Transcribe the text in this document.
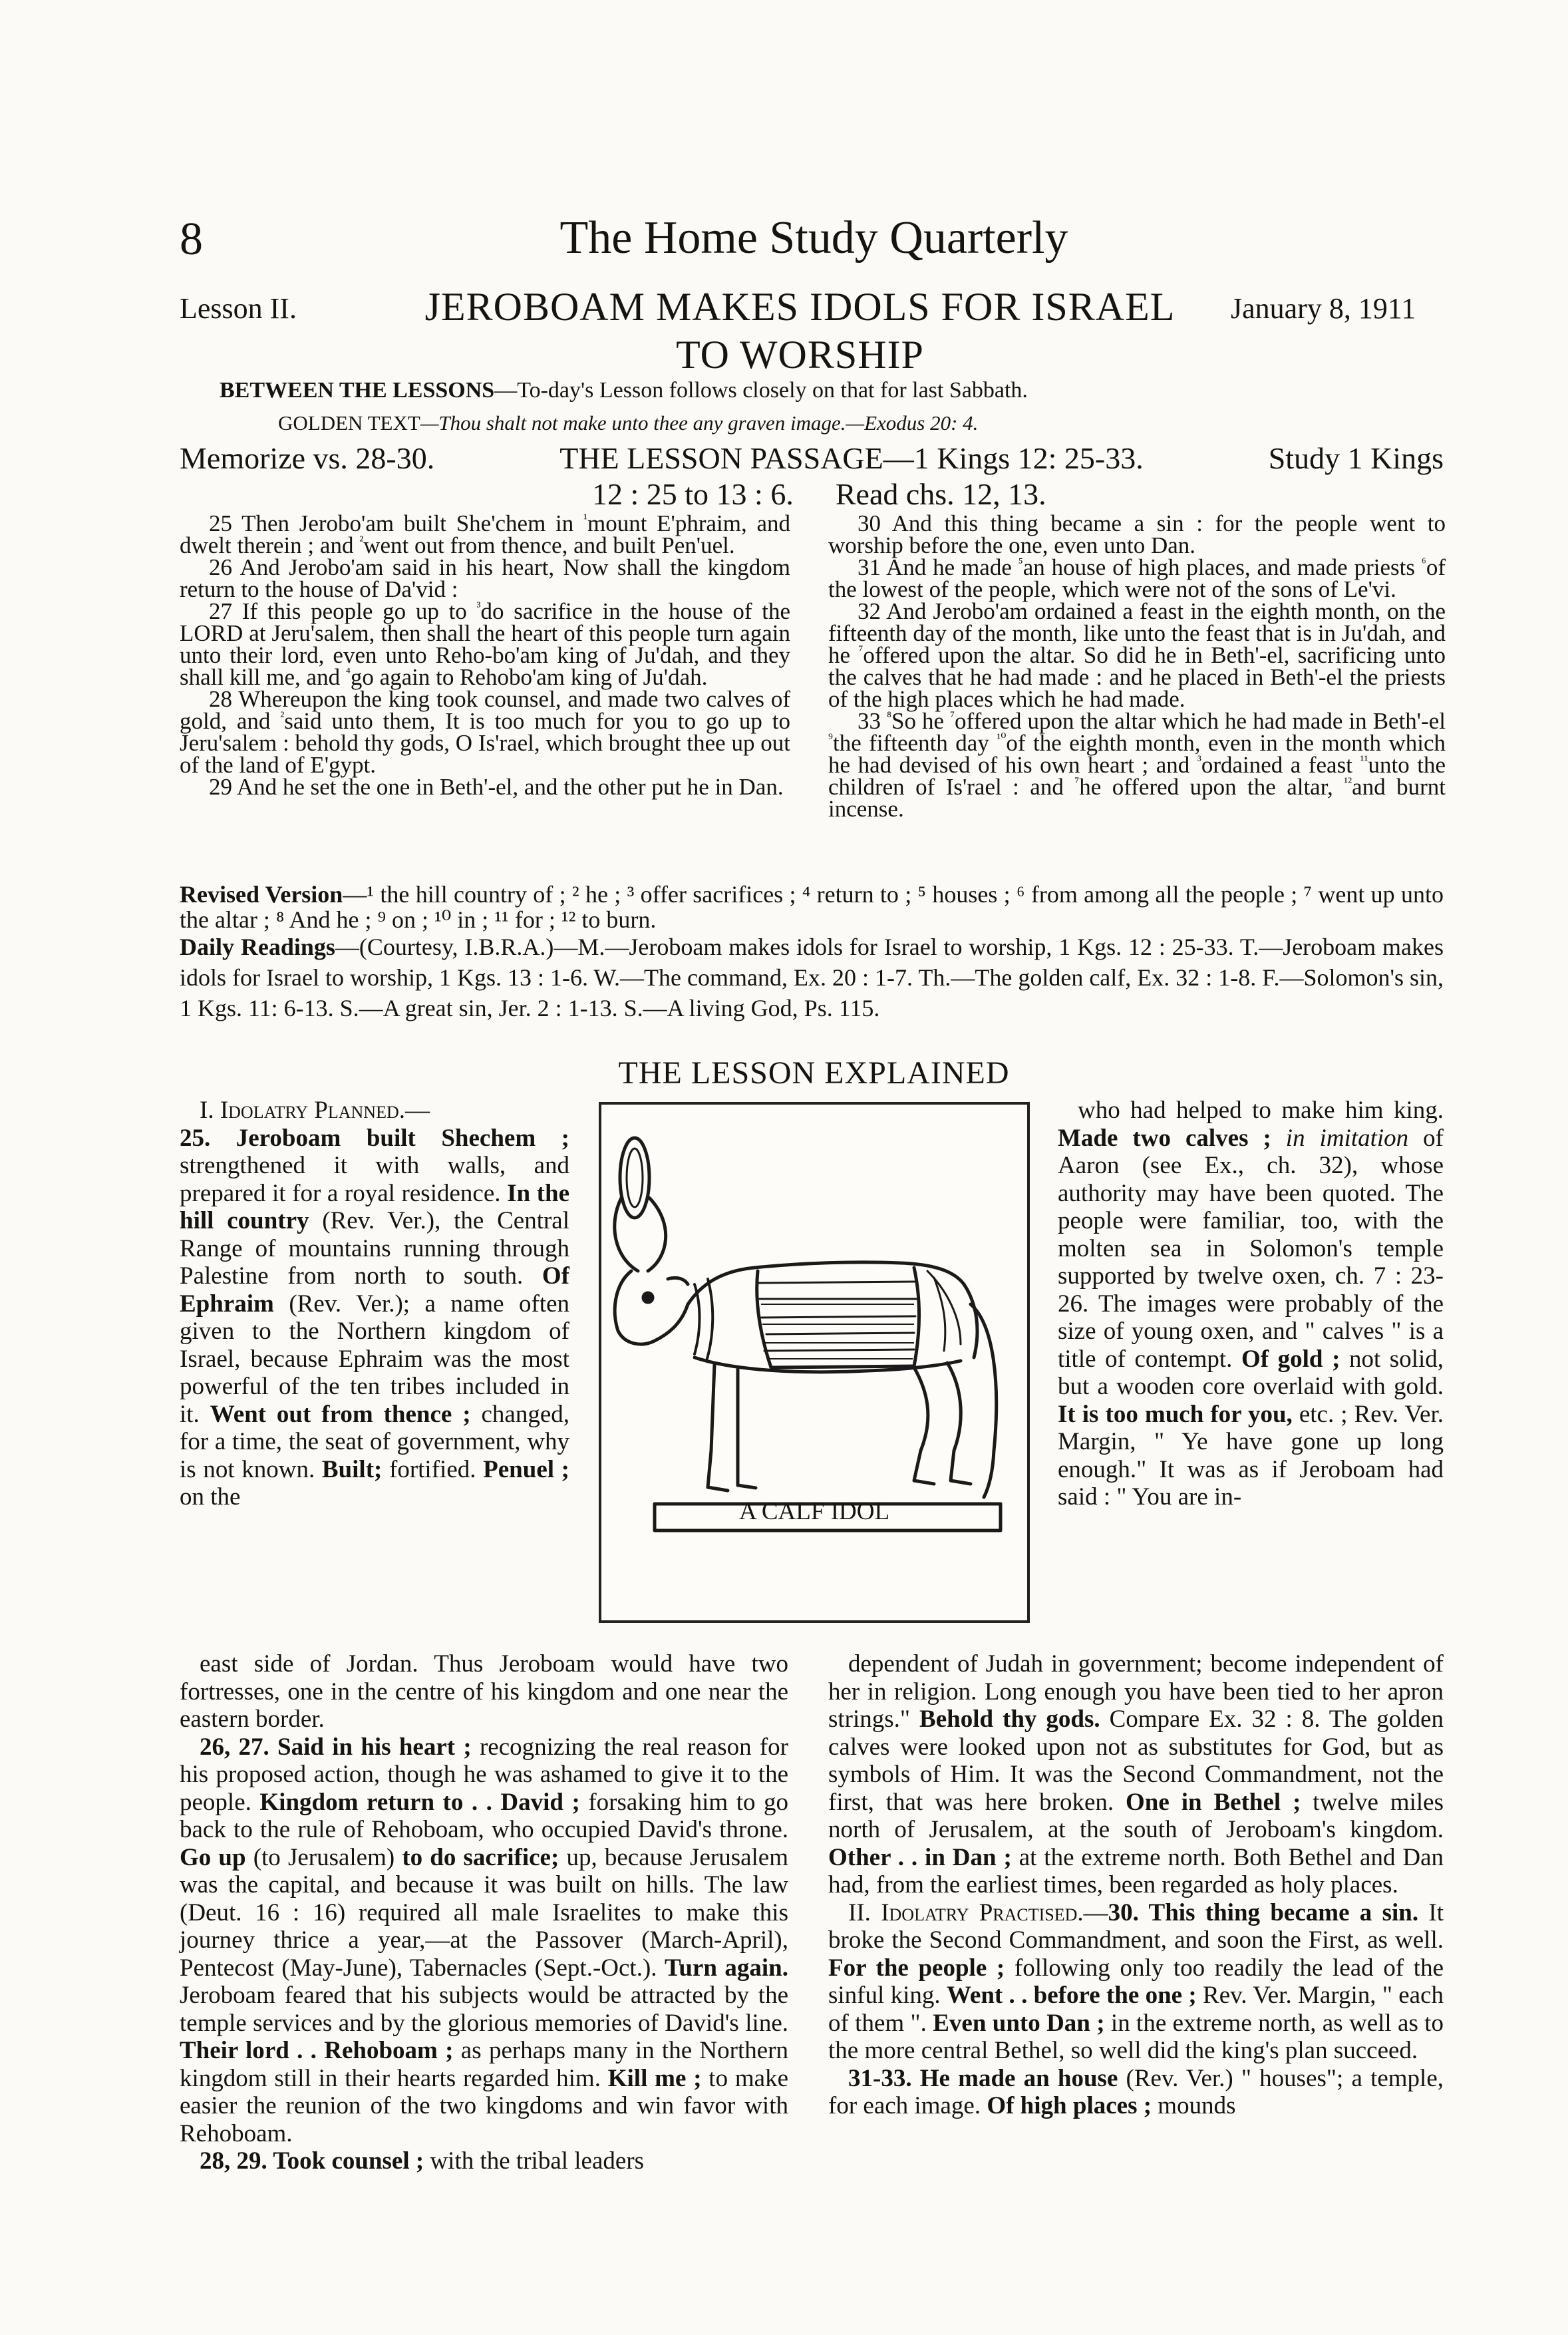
8	The Home Study Quarterly
Lesson II.	JEROBOAM MAKES IDOLS FOR ISRAEL TO WORSHIP
January 8, 1911
BETWEEN THE LESSONS—To-day's Lesson follows closely on that for last Sabbath.
GOLDEN TEXT—Thou shalt not make unto thee any graven image.—Exodus 20: 4.
Memorize vs. 28-30.	THE LESSON PASSAGE—1 Kings 12: 25-33.	Study 1 Kings
12 : 25 to 13 : 6. Read chs. 12, 13.

25 Then Jerobo'am built She'chem in $^{^1}$mount E'phraim, and dwelt therein ; and $^{^2}$went out from thence, and built Pen'uel.

26 And Jerobo'am said in his heart, Now shall the kingdom return to the house of Da'vid :

27 If this people go up to $^{^3}$do sacrifice in the house of the LORD at Jeru'salem, then shall the heart of this people turn again unto their lord, even unto Reho-bo'am king of Ju'dah, and they shall kill me, and $^{^4}$go again to Rehobo'am king of Ju'dah.

28 Whereupon the king took counsel, and made two calves of gold, and $^{^2}$said unto them, It is too much for you to go up to Jeru'salem : behold thy gods, O Is'rael, which brought thee up out of the land of E'gypt.

29 And he set the one in Beth'-el, and the other put he in Dan.

30 And this thing became a sin : for the people went to worship before the one, even unto Dan.

31 And he made $^{^5}$an house of high places, and made priests $^{^6}$of the lowest of the people, which were not of the sons of Le'vi.

32 And Jerobo'am ordained a feast in the eighth month, on the fifteenth day of the month, like unto the feast that is in Ju'dah, and he $^{^7}$offered upon the altar. So did he in Beth'-el, sacrificing unto the calves that he had made : and he placed in Beth'-el the priests of the high places which he had made.

33 $^{^8}$So he $^{^7}$offered upon the altar which he had made in Beth'-el $^{^9}$the fifteenth day $^{^{10}}$of the eighth month, even in the month which he had devised of his own heart ; and $^{^3}$ordained a feast $^{^{11}}$unto the children of Is'rael : and $^{^7}$he offered upon the altar, $^{^{12}}$and burnt incense.

Revised Version—¹ the hill country of ; ² he ; ³ offer sacrifices ; ⁴ return to ; ⁵ houses ; ⁶ from among all the people ; ⁷ went up unto the altar ; ⁸ And he ; ⁹ on ; ¹⁰ in ; ¹¹ for ; ¹² to burn.
Daily Readings—(Courtesy, I.B.R.A.)—M.—Jeroboam makes idols for Israel to worship, 1 Kgs. 12 : 25-33. T.—Jeroboam makes idols for Israel to worship, 1 Kgs. 13 : 1-6. W.—The command, Ex. 20 : 1-7. Th.—The golden calf, Ex. 32 : 1-8. F.—Solomon's sin, 1 Kgs. 11: 6-13. S.—A great sin, Jer. 2 : 1-13. S.—A living God, Ps. 115.
THE LESSON EXPLAINED

I. Idolatry Planned.—

25. Jeroboam built Shechem ; strengthened it with walls, and prepared it for a royal residence. In the hill country (Rev. Ver.), the Central Range of mountains running through Palestine from north to south. Of Ephraim (Rev. Ver.); a name often given to the Northern kingdom of Israel, because Ephraim was the most powerful of the ten tribes included in it. Went out from thence ; changed, for a time, the seat of government, why is not known. Built; fortified. Penuel ; on the

who had helped to make him king. Made two calves ; in imitation of Aaron (see Ex., ch. 32), whose authority may have been quoted. The people were familiar, too, with the molten sea in Solomon's temple supported by twelve oxen, ch. 7 : 23-26. The images were probably of the size of young oxen, and " calves " is a title of contempt. Of gold ; not solid, but a wooden core overlaid with gold. It is too much for you, etc. ; Rev. Ver. Margin, " Ye have gone up long enough." It was as if Jeroboam had said : " You are in-

east side of Jordan. Thus Jeroboam would have two fortresses, one in the centre of his kingdom and one near the eastern border.

26, 27. Said in his heart ; recognizing the real reason for his proposed action, though he was ashamed to give it to the people. Kingdom return to . . David ; forsaking him to go back to the rule of Rehoboam, who occupied David's throne. Go up (to Jerusalem) to do sacrifice; up, because Jerusalem was the capital, and because it was built on hills. The law (Deut. 16 : 16) required all male Israelites to make this journey thrice a year,—at the Passover (March-April), Pentecost (May-June), Tabernacles (Sept.-Oct.). Turn again. Jeroboam feared that his subjects would be attracted by the temple services and by the glorious memories of David's line. Their lord . . Rehoboam ; as perhaps many in the Northern kingdom still in their hearts regarded him. Kill me ; to make easier the reunion of the two kingdoms and win favor with Rehoboam.

28, 29. Took counsel ; with the tribal leaders

dependent of Judah in government; become independent of her in religion. Long enough you have been tied to her apron strings." Behold thy gods. Compare Ex. 32 : 8. The golden calves were looked upon not as substitutes for God, but as symbols of Him. It was the Second Commandment, not the first, that was here broken. One in Bethel ; twelve miles north of Jerusalem, at the south of Jeroboam's kingdom. Other . . in Dan ; at the extreme north. Both Bethel and Dan had, from the earliest times, been regarded as holy places.

II. Idolatry Practised.—30. This thing became a sin. It broke the Second Commandment, and soon the First, as well. For the people ; following only too readily the lead of the sinful king. Went . . before the one ; Rev. Ver. Margin, " each of them ". Even unto Dan ; in the extreme north, as well as to the more central Bethel, so well did the king's plan succeed.

31-33. He made an house (Rev. Ver.) " houses"; a temple, for each image. Of high places ; mounds

A CALF IDOL
